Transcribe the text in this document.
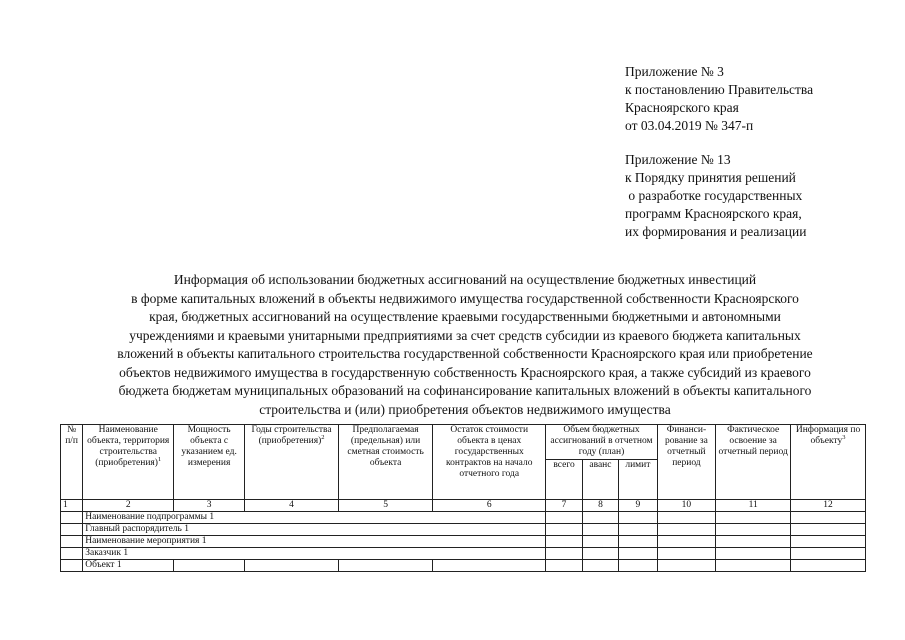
Приложение № 3
к постановлению Правительства
Красноярского края
от 03.04.2019 № 347-п
Приложение № 13
к Порядку принятия решений
о разработке государственных
программ Красноярского края,
их формирования и реализации
Информация об использовании бюджетных ассигнований на осуществление бюджетных инвестиций
в форме капитальных вложений в объекты недвижимого имущества государственной собственности Красноярского
края, бюджетных ассигнований на осуществление краевыми государственными бюджетными и автономными
учреждениями и краевыми унитарными предприятиями за счет средств субсидии из краевого бюджета капитальных
вложений в объекты капитального строительства государственной собственности Красноярского края или приобретение
объектов недвижимого имущества в государственную собственность Красноярского края, а также субсидий из краевого
бюджета бюджетам муниципальных образований на софинансирование капитальных вложений в объекты капитального
строительства и (или) приобретения объектов недвижимого имущества
№ п/п	Наименование объекта, территория строительства (приобретения)$^1$	Мощность объекта с указанием ед. измерения	Годы строительства (приобретения)$^2$	Предполагаемая (предельная) или сметная стоимость объекта	Остаток стоимости объекта в ценах государственных контрактов на начало отчетного года	Объем бюджетных ассигнований в отчетном году (план)			Финанси-рование за отчетный период	Фактическое освоение за отчетный период	Информация по объекту$^3$
						всего	аванс	лимит			
1	2	3	4	5	6	7	8	9	10	11	12
	Наименование подпрограммы 1										
	Главный распорядитель 1										
	Наименование мероприятия 1										
	Заказчик 1										
	Объект 1										
